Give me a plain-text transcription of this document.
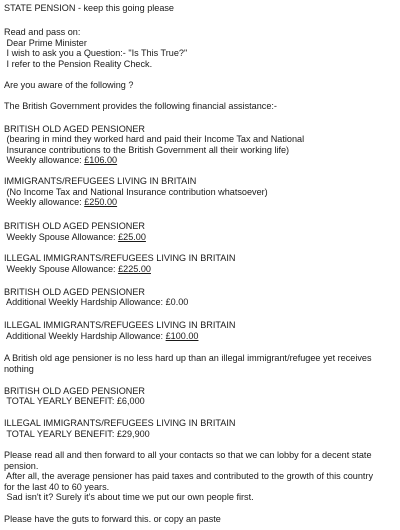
STATE PENSION - keep this going please
Read and pass on:
Dear Prime Minister
I wish to ask you a Question:- "Is This True?"
I refer to the Pension Reality Check.
Are you aware of the following ?
The British Government provides the following financial assistance:-
BRITISH OLD AGED PENSIONER
(bearing in mind they worked hard and paid their Income Tax and National
Insurance contributions to the British Government all their working life)
Weekly allowance: £106.00
IMMIGRANTS/REFUGEES LIVING IN BRITAIN
(No Income Tax and National Insurance contribution whatsoever)
Weekly allowance: £250.00
BRITISH OLD AGED PENSIONER
Weekly Spouse Allowance: £25.00
ILLEGAL IMMIGRANTS/REFUGEES LIVING IN BRITAIN
Weekly Spouse Allowance: £225.00
BRITISH OLD AGED PENSIONER
Additional Weekly Hardship Allowance: £0.00
ILLEGAL IMMIGRANTS/REFUGEES LIVING IN BRITAIN
Additional Weekly Hardship Allowance: £100.00
A British old age pensioner is no less hard up than an illegal immigrant/refugee yet receives
nothing
BRITISH OLD AGED PENSIONER
TOTAL YEARLY BENEFIT: £6,000
ILLEGAL IMMIGRANTS/REFUGEES LIVING IN BRITAIN
TOTAL YEARLY BENEFIT: £29,900
Please read all and then forward to all your contacts so that we can lobby for a decent state
pension.
After all, the average pensioner has paid taxes and contributed to the growth of this country
for the last 40 to 60 years.
Sad isn't it? Surely it's about time we put our own people first.
Please have the guts to forward this. or copy an paste
